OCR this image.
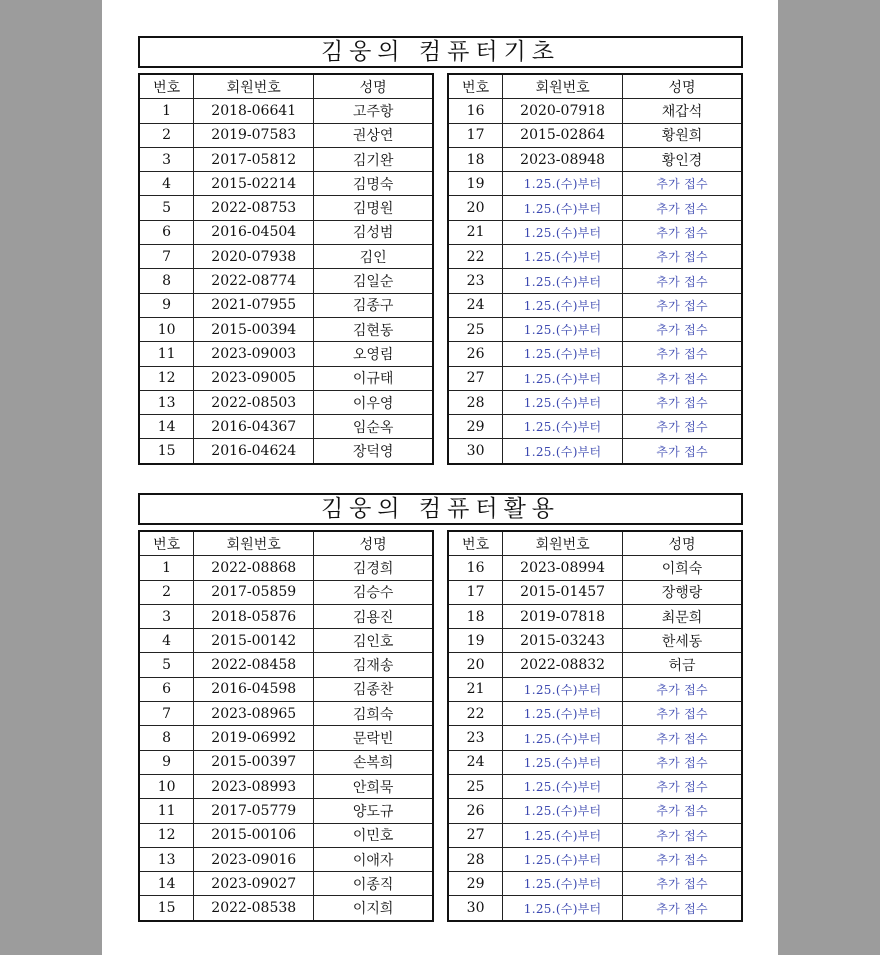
김웅의 컴퓨터기초
번호	회원번호	성명
1	2018-06641	고주항
2	2019-07583	권상연
3	2017-05812	김기완
4	2015-02214	김명숙
5	2022-08753	김명원
6	2016-04504	김성범
7	2020-07938	김인
8	2022-08774	김일순
9	2021-07955	김종구
10	2015-00394	김현동
11	2023-09003	오영림
12	2023-09005	이규태
13	2022-08503	이우영
14	2016-04367	임순옥
15	2016-04624	장덕영
번호	회원번호	성명
16	2020-07918	채갑석
17	2015-02864	황원희
18	2023-08948	황인경
19	1.25.(수)부터	추가 접수
20	1.25.(수)부터	추가 접수
21	1.25.(수)부터	추가 접수
22	1.25.(수)부터	추가 접수
23	1.25.(수)부터	추가 접수
24	1.25.(수)부터	추가 접수
25	1.25.(수)부터	추가 접수
26	1.25.(수)부터	추가 접수
27	1.25.(수)부터	추가 접수
28	1.25.(수)부터	추가 접수
29	1.25.(수)부터	추가 접수
30	1.25.(수)부터	추가 접수
김웅의 컴퓨터활용
번호	회원번호	성명
1	2022-08868	김경희
2	2017-05859	김승수
3	2018-05876	김용진
4	2015-00142	김인호
5	2022-08458	김재송
6	2016-04598	김종찬
7	2023-08965	김희숙
8	2019-06992	문락빈
9	2015-00397	손복희
10	2023-08993	안희묵
11	2017-05779	양도규
12	2015-00106	이민호
13	2023-09016	이애자
14	2023-09027	이종직
15	2022-08538	이지희
번호	회원번호	성명
16	2023-08994	이희숙
17	2015-01457	장행랑
18	2019-07818	최문희
19	2015-03243	한세동
20	2022-08832	허금
21	1.25.(수)부터	추가 접수
22	1.25.(수)부터	추가 접수
23	1.25.(수)부터	추가 접수
24	1.25.(수)부터	추가 접수
25	1.25.(수)부터	추가 접수
26	1.25.(수)부터	추가 접수
27	1.25.(수)부터	추가 접수
28	1.25.(수)부터	추가 접수
29	1.25.(수)부터	추가 접수
30	1.25.(수)부터	추가 접수
